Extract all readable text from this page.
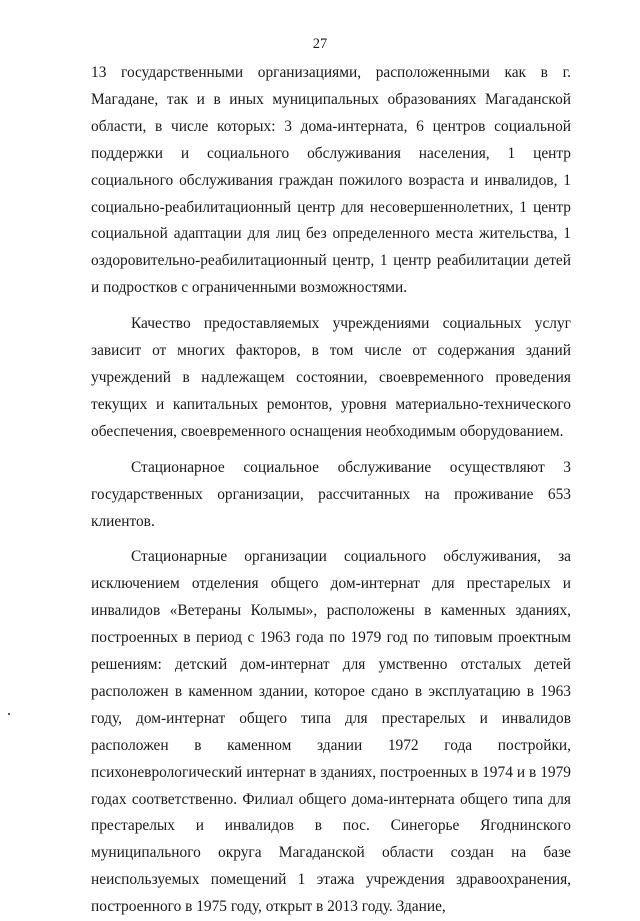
27

13 государственными организациями, расположенными как в г. Магадане, так и в иных муниципальных образованиях Магаданской области, в числе которых: 3 дома-интерната, 6 центров социальной поддержки и социального обслуживания населения, 1 центр социального обслуживания граждан пожилого возраста и инвалидов, 1 социально-реабилитационный центр для несовершеннолетних, 1 центр социальной адаптации для лиц без определенного места жительства, 1 оздоровительно-реабилитационный центр, 1 центр реабилитации детей и подростков с ограниченными возможностями.

Качество предоставляемых учреждениями социальных услуг зависит от многих факторов, в том числе от содержания зданий учреждений в надлежащем состоянии, своевременного проведения текущих и капитальных ремонтов, уровня материально-технического обеспечения, своевременного оснащения необходимым оборудованием.

Стационарное социальное обслуживание осуществляют 3 государственных организации, рассчитанных на проживание 653 клиентов.

Стационарные организации социального обслуживания, за исключением отделения общего дом-интернат для престарелых и инвалидов «Ветераны Колымы», расположены в каменных зданиях, построенных в период с 1963 года по 1979 год по типовым проектным решениям: детский дом-интернат для умственно отсталых детей расположен в каменном здании, которое сдано в эксплуатацию в 1963 году, дом-интернат общего типа для престарелых и инвалидов расположен в каменном здании 1972 года постройки, психоневрологический интернат в зданиях, построенных в 1974 и в 1979 годах соответственно. Филиал общего дома-интерната общего типа для престарелых и инвалидов в пос. Синегорье Ягоднинского муниципального округа Магаданской области создан на базе неиспользуемых помещений 1 этажа учреждения здравоохранения, построенного в 1975 году, открыт в 2013 году. Здание,
